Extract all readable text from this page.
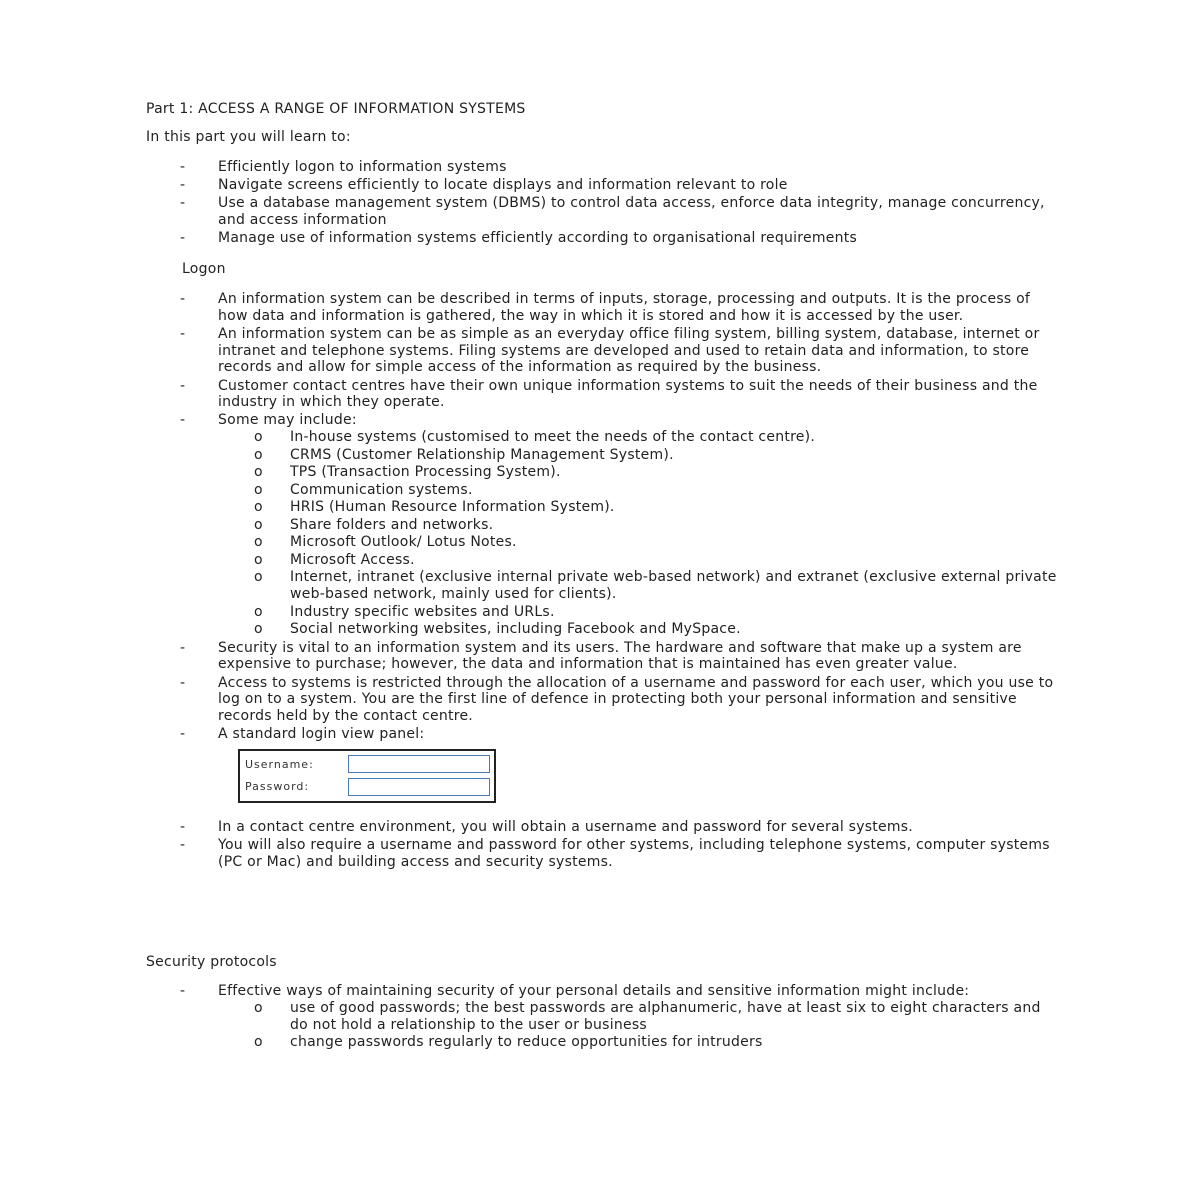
Part 1: ACCESS A RANGE OF INFORMATION SYSTEMS

In this part you will learn to:

- Efficiently logon to information systems
- Navigate screens efficiently to locate displays and information relevant to role
- Use a database management system (DBMS) to control data access, enforce data integrity, manage concurrency, and access information
- Manage use of information systems efficiently according to organisational requirements

Logon

- An information system can be described in terms of inputs, storage, processing and outputs. It is the process of how data and information is gathered, the way in which it is stored and how it is accessed by the user.
- An information system can be as simple as an everyday office filing system, billing system, database, internet or intranet and telephone systems. Filing systems are developed and used to retain data and information, to store records and allow for simple access of the information as required by the business.
- Customer contact centres have their own unique information systems to suit the needs of their business and the industry in which they operate.
- Some may include:
o In-house systems (customised to meet the needs of the contact centre).
o CRMS (Customer Relationship Management System).
o TPS (Transaction Processing System).
o Communication systems.
o HRIS (Human Resource Information System).
o Share folders and networks.
o Microsoft Outlook/ Lotus Notes.
o Microsoft Access.
o Internet, intranet (exclusive internal private web-based network) and extranet (exclusive external private web-based network, mainly used for clients).
o Industry specific websites and URLs.
o Social networking websites, including Facebook and MySpace.
- Security is vital to an information system and its users. The hardware and software that make up a system are expensive to purchase; however, the data and information that is maintained has even greater value.
- Access to systems is restricted through the allocation of a username and password for each user, which you use to log on to a system. You are the first line of defence in protecting both your personal information and sensitive records held by the contact centre.
- A standard login view panel:
Username:
Password:
- In a contact centre environment, you will obtain a username and password for several systems.
- You will also require a username and password for other systems, including telephone systems, computer systems (PC or Mac) and building access and security systems.

Security protocols

- Effective ways of maintaining security of your personal details and sensitive information might include:
o use of good passwords; the best passwords are alphanumeric, have at least six to eight characters and do not hold a relationship to the user or business
o change passwords regularly to reduce opportunities for intruders
